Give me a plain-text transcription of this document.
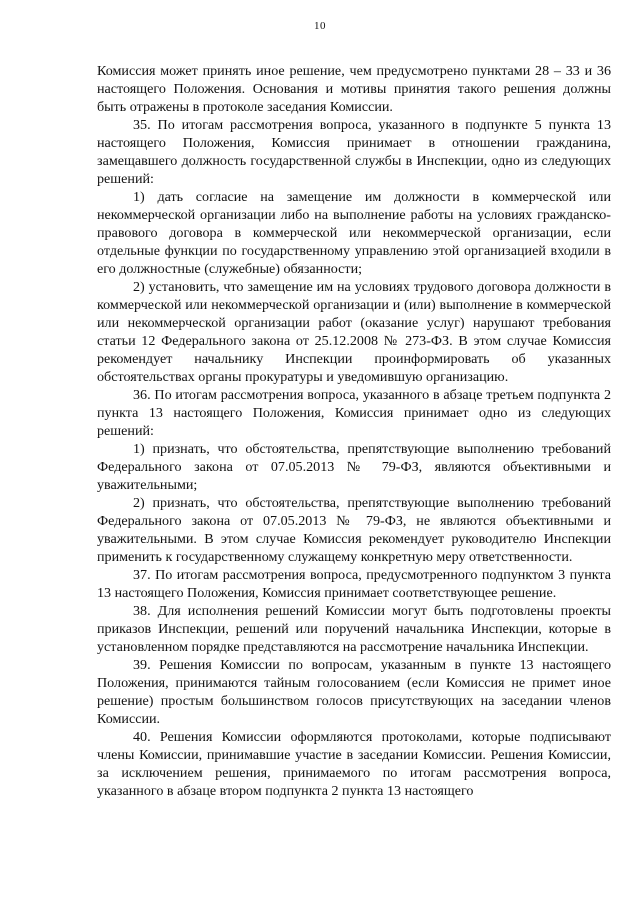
10

Комиссия может принять иное решение, чем предусмотрено пунктами 28 – 33 и 36 настоящего Положения. Основания и мотивы принятия такого решения должны быть отражены в протоколе заседания Комиссии.

35. По итогам рассмотрения вопроса, указанного в подпункте 5 пункта 13 настоящего Положения, Комиссия принимает в отношении гражданина, замещавшего должность государственной службы в Инспекции, одно из следующих решений:

1) дать согласие на замещение им должности в коммерческой или некоммерческой организации либо на выполнение работы на условиях гражданско-правового договора в коммерческой или некоммерческой организации, если отдельные функции по государственному управлению этой организацией входили в его должностные (служебные) обязанности;

2) установить, что замещение им на условиях трудового договора должности в коммерческой или некоммерческой организации и (или) выполнение в коммерческой или некоммерческой организации работ (оказание услуг) нарушают требования статьи 12 Федерального закона от 25.12.2008 № 273-ФЗ. В этом случае Комиссия рекомендует начальнику Инспекции проинформировать об указанных обстоятельствах органы прокуратуры и уведомившую организацию.

36. По итогам рассмотрения вопроса, указанного в абзаце третьем подпункта 2 пункта 13 настоящего Положения, Комиссия принимает одно из следующих решений:

1) признать, что обстоятельства, препятствующие выполнению требований Федерального закона от 07.05.2013 № 79-ФЗ, являются объективными и уважительными;

2) признать, что обстоятельства, препятствующие выполнению требований Федерального закона от 07.05.2013 № 79-ФЗ, не являются объективными и уважительными. В этом случае Комиссия рекомендует руководителю Инспекции применить к государственному служащему конкретную меру ответственности.

37. По итогам рассмотрения вопроса, предусмотренного подпунктом 3 пункта 13 настоящего Положения, Комиссия принимает соответствующее решение.

38. Для исполнения решений Комиссии могут быть подготовлены проекты приказов Инспекции, решений или поручений начальника Инспекции, которые в установленном порядке представляются на рассмотрение начальника Инспекции.

39. Решения Комиссии по вопросам, указанным в пункте 13 настоящего Положения, принимаются тайным голосованием (если Комиссия не примет иное решение) простым большинством голосов присутствующих на заседании членов Комиссии.

40. Решения Комиссии оформляются протоколами, которые подписывают члены Комиссии, принимавшие участие в заседании Комиссии. Решения Комиссии, за исключением решения, принимаемого по итогам рассмотрения вопроса, указанного в абзаце втором подпункта 2 пункта 13 настоящего
